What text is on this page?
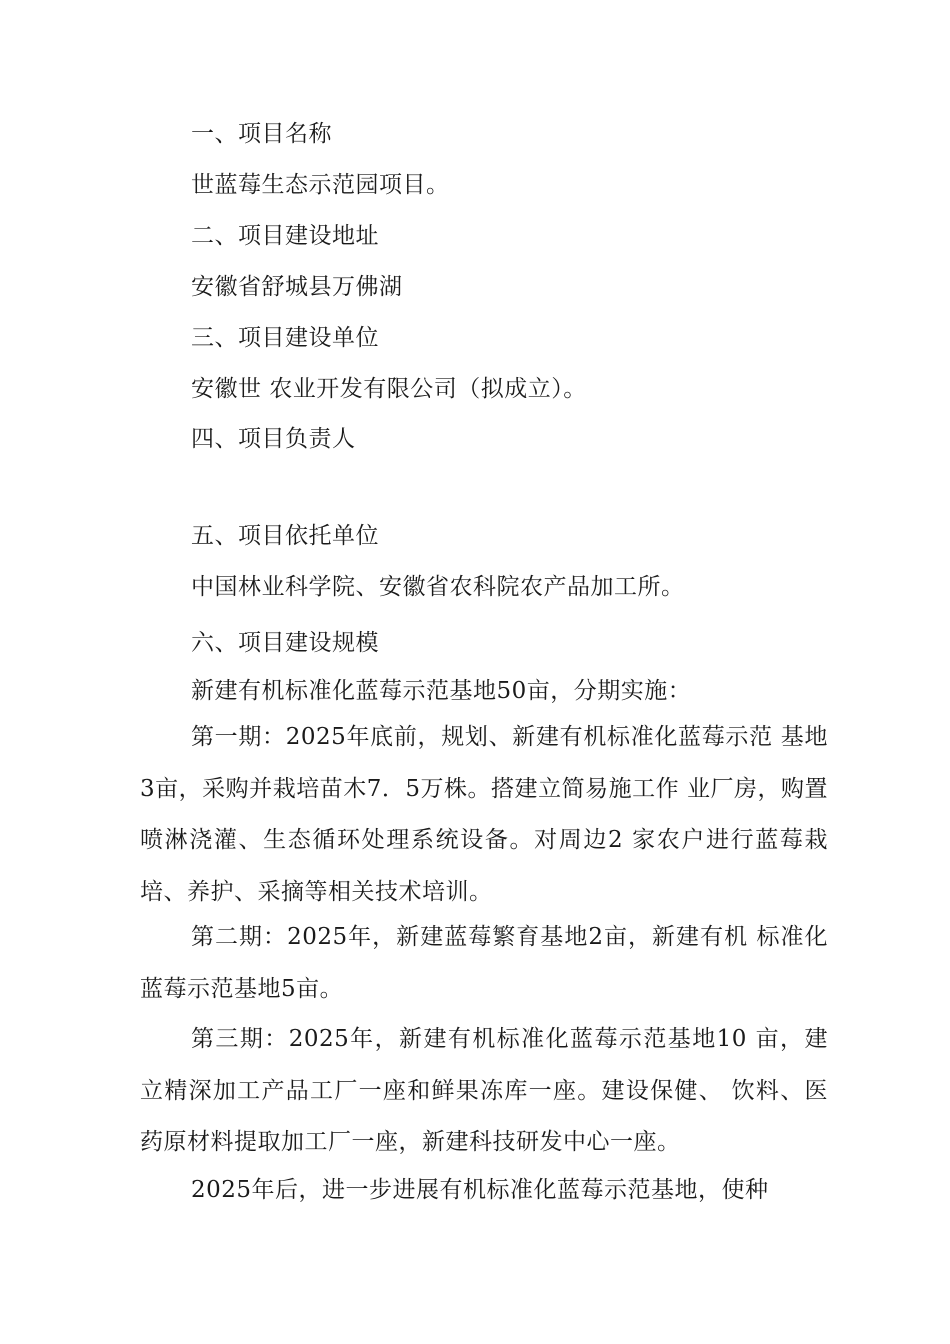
一、项目名称
世蓝莓生态示范园项目。
二、项目建设地址
安徽省舒城县万佛湖
三、项目建设单位
安徽世 农业开发有限公司（拟成立）。
四、项目负责人
五、项目依托单位
中国林业科学院、安徽省农科院农产品加工所。
六、项目建设规模
新建有机标准化蓝莓示范基地50亩，分期实施：

第一期：2025年底前，规划、新建有机标准化蓝莓示范 基地3亩，采购并栽培苗木7．5万株。搭建立简易施工作 业厂房，购置喷淋浇灌、生态循环处理系统设备。对周边2 家农户进行蓝莓栽培、养护、采摘等相关技术培训。

第二期：2025年，新建蓝莓繁育基地2亩，新建有机 标准化蓝莓示范基地5亩。

第三期：2025年，新建有机标准化蓝莓示范基地10 亩，建立精深加工产品工厂一座和鲜果冻库一座。建设保健、 饮料、医药原材料提取加工厂一座，新建科技研发中心一座。

2025年后，进一步进展有机标准化蓝莓示范基地，使种
